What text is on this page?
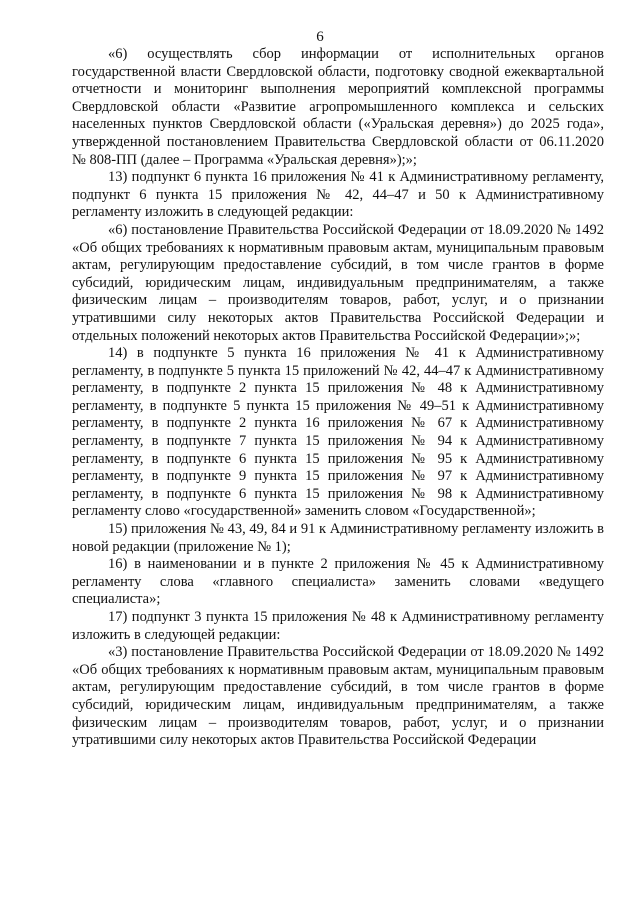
6

«6) осуществлять сбор информации от исполнительных органов государственной власти Свердловской области, подготовку сводной ежеквартальной отчетности и мониторинг выполнения мероприятий комплексной программы Свердловской области «Развитие агропромышленного комплекса и сельских населенных пунктов Свердловской области («Уральская деревня») до 2025 года», утвержденной постановлением Правительства Свердловской области от 06.11.2020 № 808-ПП (далее – Программа «Уральская деревня»);»;

13) подпункт 6 пункта 16 приложения № 41 к Административному регламенту, подпункт 6 пункта 15 приложения № 42, 44–47 и 50 к Административному регламенту изложить в следующей редакции:

«6) постановление Правительства Российской Федерации от 18.09.2020 № 1492 «Об общих требованиях к нормативным правовым актам, муниципальным правовым актам, регулирующим предоставление субсидий, в том числе грантов в форме субсидий, юридическим лицам, индивидуальным предпринимателям, а также физическим лицам – производителям товаров, работ, услуг, и о признании утратившими силу некоторых актов Правительства Российской Федерации и отдельных положений некоторых актов Правительства Российской Федерации»;»;

14) в подпункте 5 пункта 16 приложения № 41 к Административному регламенту, в подпункте 5 пункта 15 приложений № 42, 44–47 к Административному регламенту, в подпункте 2 пункта 15 приложения № 48 к Административному регламенту, в подпункте 5 пункта 15 приложения № 49–51 к Административному регламенту, в подпункте 2 пункта 16 приложения № 67 к Административному регламенту, в подпункте 7 пункта 15 приложения № 94 к Административному регламенту, в подпункте 6 пункта 15 приложения № 95 к Административному регламенту, в подпункте 9 пункта 15 приложения № 97 к Административному регламенту, в подпункте 6 пункта 15 приложения № 98 к Административному регламенту слово «государственной» заменить словом «Государственной»;

15) приложения № 43, 49, 84 и 91 к Административному регламенту изложить в новой редакции (приложение № 1);

16) в наименовании и в пункте 2 приложения № 45 к Административному регламенту слова «главного специалиста» заменить словами «ведущего специалиста»;

17) подпункт 3 пункта 15 приложения № 48 к Административному регламенту изложить в следующей редакции:

«3) постановление Правительства Российской Федерации от 18.09.2020 № 1492 «Об общих требованиях к нормативным правовым актам, муниципальным правовым актам, регулирующим предоставление субсидий, в том числе грантов в форме субсидий, юридическим лицам, индивидуальным предпринимателям, а также физическим лицам – производителям товаров, работ, услуг, и о признании утратившими силу некоторых актов Правительства Российской Федерации
